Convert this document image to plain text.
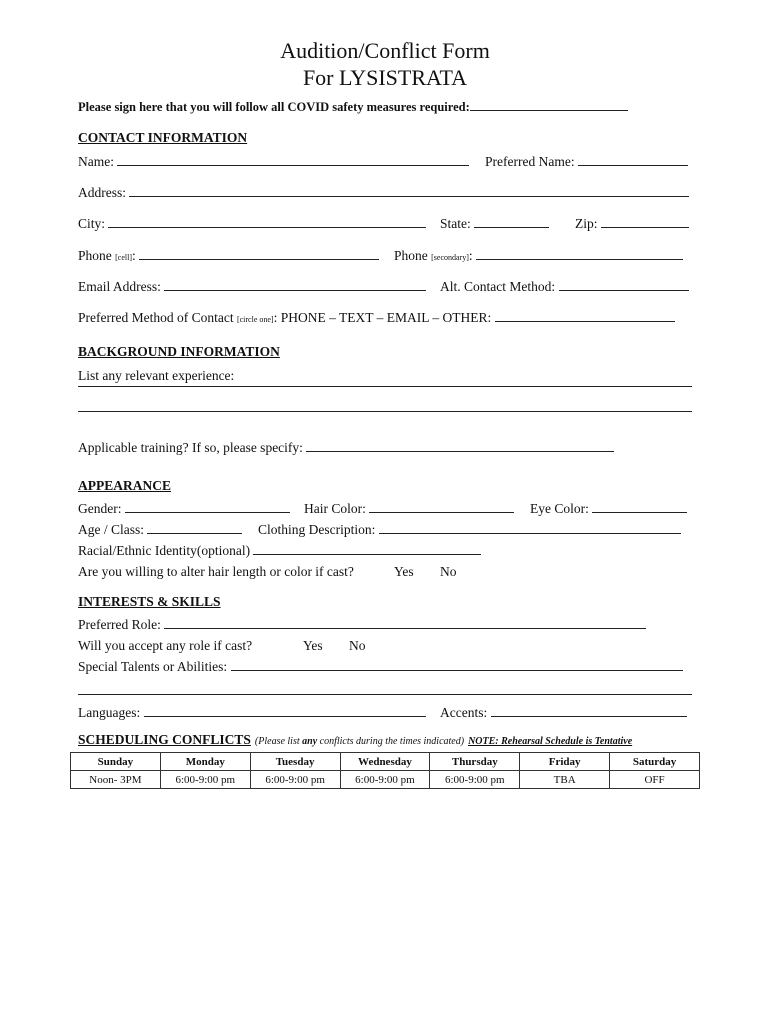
Audition/Conflict Form
For LYSISTRATA
Please sign here that you will follow all COVID safety measures required:
CONTACT INFORMATION
Name:	Preferred Name:
Address:
City:	State:	Zip:
Phone [cell]:	Phone [secondary]:
Email Address:	Alt. Contact Method:
Preferred Method of Contact [circle one]: PHONE – TEXT – EMAIL – OTHER:
BACKGROUND INFORMATION
List any relevant experience:
Applicable training? If so, please specify:
APPEARANCE
Gender:	Hair Color:	Eye Color:
Age / Class:	Clothing Description:
Racial/Ethnic Identity(optional)
Are you willing to alter hair length or color if cast?	Yes No
INTERESTS & SKILLS
Preferred Role:
Will you accept any role if cast?	Yes No
Special Talents or Abilities:
Languages:	Accents:
SCHEDULING CONFLICTS (Please list any conflicts during the times indicated) NOTE: Rehearsal Schedule is Tentative
Sunday	Monday	Tuesday	Wednesday	Thursday	Friday	Saturday
Noon- 3PM	6:00-9:00 pm	6:00-9:00 pm	6:00-9:00 pm	6:00-9:00 pm	TBA	OFF
